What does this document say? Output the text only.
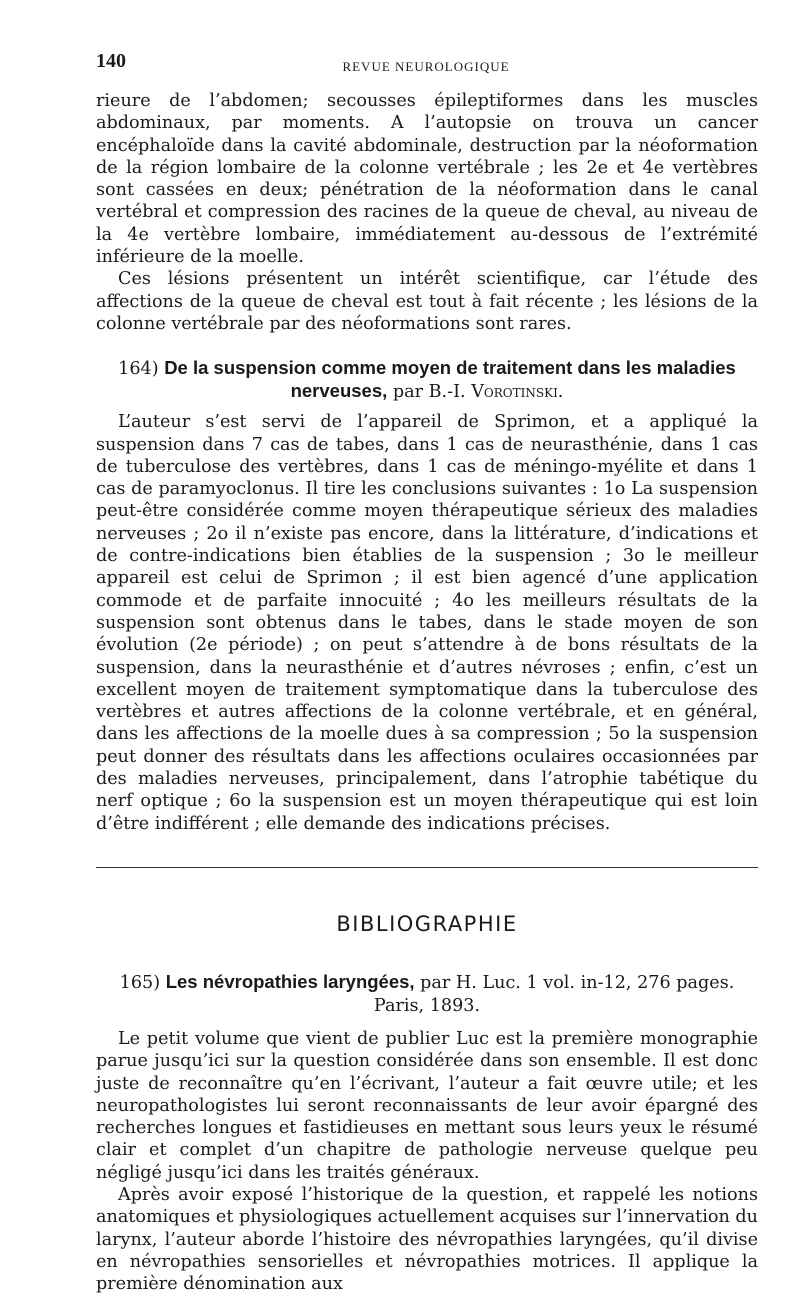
140	REVUE NEUROLOGIQUE

rieure de l’abdomen; secousses épileptiformes dans les muscles abdominaux, par moments. A l’autopsie on trouva un cancer encéphaloïde dans la cavité abdominale, destruction par la néoformation de la région lombaire de la colonne vertébrale ; les 2e et 4e vertèbres sont cassées en deux; pénétration de la néoformation dans le canal vertébral et compression des racines de la queue de cheval, au niveau de la 4e vertèbre lombaire, immédiatement au-dessous de l’extrémité inférieure de la moelle.

Ces lésions présentent un intérêt scientifique, car l’étude des affections de la queue de cheval est tout à fait récente ; les lésions de la colonne vertébrale par des néoformations sont rares.

164) De la suspension comme moyen de traitement dans les maladies nerveuses, par B.-I. Vorotinski.

L’auteur s’est servi de l’appareil de Sprimon, et a appliqué la suspension dans 7 cas de tabes, dans 1 cas de neurasthénie, dans 1 cas de tuberculose des vertèbres, dans 1 cas de méningo-myélite et dans 1 cas de paramyoclonus. Il tire les conclusions suivantes : 1o La suspension peut-être considérée comme moyen thérapeutique sérieux des maladies nerveuses ; 2o il n’existe pas encore, dans la littérature, d’indications et de contre-indications bien établies de la suspension ; 3o le meilleur appareil est celui de Sprimon ; il est bien agencé d’une application commode et de parfaite innocuité ; 4o les meilleurs résultats de la suspension sont obtenus dans le tabes, dans le stade moyen de son évolution (2e période) ; on peut s’attendre à de bons résultats de la suspension, dans la neurasthénie et d’autres névroses ; enfin, c’est un excellent moyen de traitement symptomatique dans la tuberculose des vertèbres et autres affections de la colonne vertébrale, et en général, dans les affections de la moelle dues à sa compression ; 5o la suspension peut donner des résultats dans les affections oculaires occasionnées par des maladies nerveuses, principalement, dans l’atrophie tabétique du nerf optique ; 6o la suspension est un moyen thérapeutique qui est loin d’être indifférent ; elle demande des indications précises.

BIBLIOGRAPHIE
165) Les névropathies laryngées, par H. Luc. 1 vol. in-12, 276 pages. Paris, 1893.

Le petit volume que vient de publier Luc est la première monographie parue jusqu’ici sur la question considérée dans son ensemble. Il est donc juste de reconnaître qu’en l’écrivant, l’auteur a fait œuvre utile; et les neuropathologistes lui seront reconnaissants de leur avoir épargné des recherches longues et fastidieuses en mettant sous leurs yeux le résumé clair et complet d’un chapitre de pathologie nerveuse quelque peu négligé jusqu’ici dans les traités généraux.

Après avoir exposé l’historique de la question, et rappelé les notions anatomiques et physiologiques actuellement acquises sur l’innervation du larynx, l’auteur aborde l’histoire des névropathies laryngées, qu’il divise en névropathies sensorielles et névropathies motrices. Il applique la première dénomination aux
